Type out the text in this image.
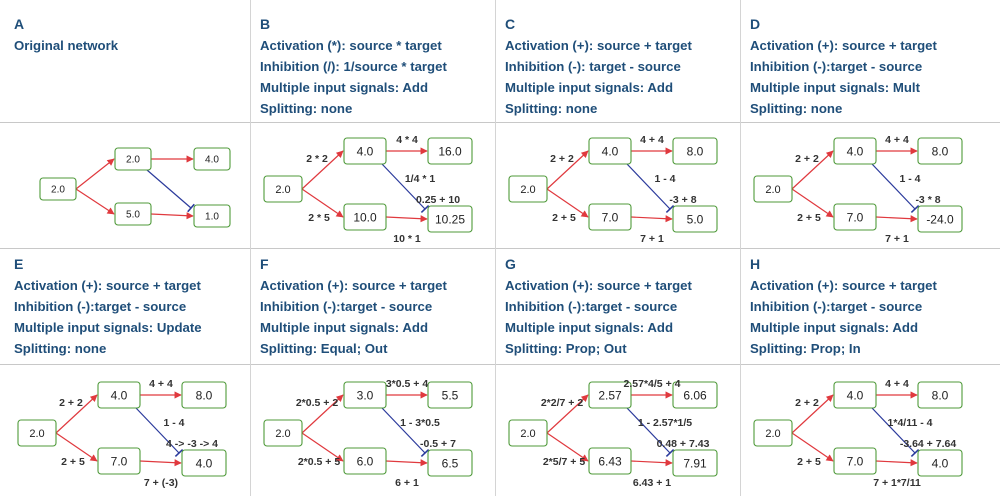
A
Original network
2.0
2.0
5.0
4.0
1.0
B
Activation (*): source * target
Inhibition (/): 1/source * target
Multiple input signals: Add
Splitting: none
2.0
4.0
10.0
16.0
10.25
2 * 2
2 * 5
4 * 4
1/4 * 1
0.25 + 10
10 * 1
C
Activation (+): source + target
Inhibition (-): target - source
Multiple input signals: Add
Splitting: none
2.0
4.0
7.0
8.0
5.0
2 + 2
2 + 5
4 + 4
1 - 4
-3 + 8
7 + 1
D
Activation (+): source + target
Inhibition (-):target - source
Multiple input signals: Mult
Splitting: none
2.0
4.0
7.0
8.0
-24.0
2 + 2
2 + 5
4 + 4
1 - 4
-3 * 8
7 + 1
E
Activation (+): source + target
Inhibition (-):target - source
Multiple input signals: Update
Splitting: none
2.0
4.0
7.0
8.0
4.0
2 + 2
2 + 5
4 + 4
1 - 4
4 -> -3 -> 4
7 + (-3)
F
Activation (+): source + target
Inhibition (-):target - source
Multiple input signals: Add
Splitting: Equal; Out
2.0
3.0
6.0
5.5
6.5
2*0.5 + 2
2*0.5 + 5
3*0.5 + 4
1 - 3*0.5
-0.5 + 7
6 + 1
G
Activation (+): source + target
Inhibition (-):target - source
Multiple input signals: Add
Splitting: Prop; Out
2.0
2.57
6.43
6.06
7.91
2*2/7 + 2
2*5/7 + 5
2.57*4/5 + 4
1 - 2.57*1/5
0.48 + 7.43
6.43 + 1
H
Activation (+): source + target
Inhibition (-):target - source
Multiple input signals: Add
Splitting: Prop; In
2.0
4.0
7.0
8.0
4.0
2 + 2
2 + 5
4 + 4
1*4/11 - 4
-3.64 + 7.64
7 + 1*7/11
